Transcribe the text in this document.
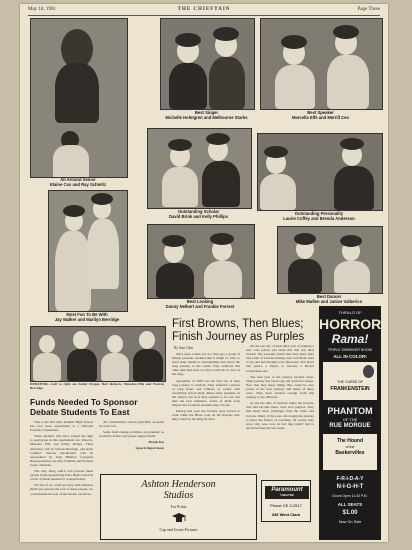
May 18, 1961	THE CHIEFTAIN	Page Three
All Around Senior
Elaine Cox and Ray Schmitz
Best Singer
Michelle Holmgren and Melbourne Starks
Best Speaker
Marcella Elfe and Merrill Ceo
Outstanding Scholar
David Brink and Kelly Phillips
Outstanding Personality
Laurie Coffey and Brenda Anderson
Most Fun To Be With
Jay Walker and Marilyn Berridge
Best Looking
Danny Nelbert and Frankie Forrest
Best Dancer
Mike Mullen and Janice Valberico
DEBATERS—Left to right are Kathy Draper, Bert Roberts, Marsden Elfe and Warren Berridge.
Funds Needed To Sponsor Debate Students To East

This is the first time Pamella High School has ever been represented at a National Forensic tournament.

Three students who have earned the right to participate in this tournament are: Roberts, Marsden Elfe and Kathy Draper. Their alternates will be Warren Berridge, and Arlie Lofland. Serious Declaration will be represented by Judy Hinkley. Congress Representatives are Ray Schmitz and Richard Jones, alternate.

The only thing which will prevent these people from representing Pana High would be a lack of funds needed for transportation.

We feel if we could get help with finances ($250 per person) the four of these people, we could handle the rest of the burden ourselves.

All contributions will be gratefully accepted in room 124.

Some fund raising activities are planned, as would be dollars and please support them.

Thank You

Speech Department

First Browns, Then Blues; Finish Journey as Purples
By Ann Glen

Once upon a time, not too long ago a group of simple peasants decided that it might be wise to leave their mediocre surroundings and travel the long journey to the castle. They believed that other men had done so; they would be as wise as the king.

September of 1958 was the first day of their long journey to wisdom. They suffered a poison of long hours and reflexes of rooms with everything before them. Many other peasants on the subject felt as if they seemed to be lost, but then the new members. Some of them even helped less fortunate peasants they can see.

During that year the browns were forced to walk while the Blues rode on the Purples who they called by the king for their

On the last day of their third year of training a new wise prince told them that this was their reward. The peasants found that they knew they had some of lead knowledge who told them what to say and had thought to be important. You leave this palace a Purple to become a Brown somewhere else.

The next year of the journey became wiser. Their journey has been long and would be longer. Now that they knew things they could be very proud of the new journey and many of these were. They have learned enough from this journey to be a Browns.

At last the time of wisdom came; the browns, who had become blues, were now purples. They had many more privileges than the blues and browns. Many of the ones who began the journey to leave the Palace of Learning. Of course they were only wise now, in fact they hadn't had to attend lectures the last week.

Ashton Henderson
Studios
For Prints
Cap and Gown Pictures
Paramount
THEATRE
Phone CE 2-2517
336 West Clark
THRILLS OF
HORROR
Rama!
TRIPLE SHRIEKER SHOW
ALL IN COLOR!
THE CURSE OF
FRANKENSTEIN
PHANTOM
OF THE
RUE MORGUE
The Hound
of the
Baskervilles
F-R-I-D-A-Y
N-I-G-H-T
Doors Open 11:30 P.M.
ALL SEATS
$1.00
Now On Sale
